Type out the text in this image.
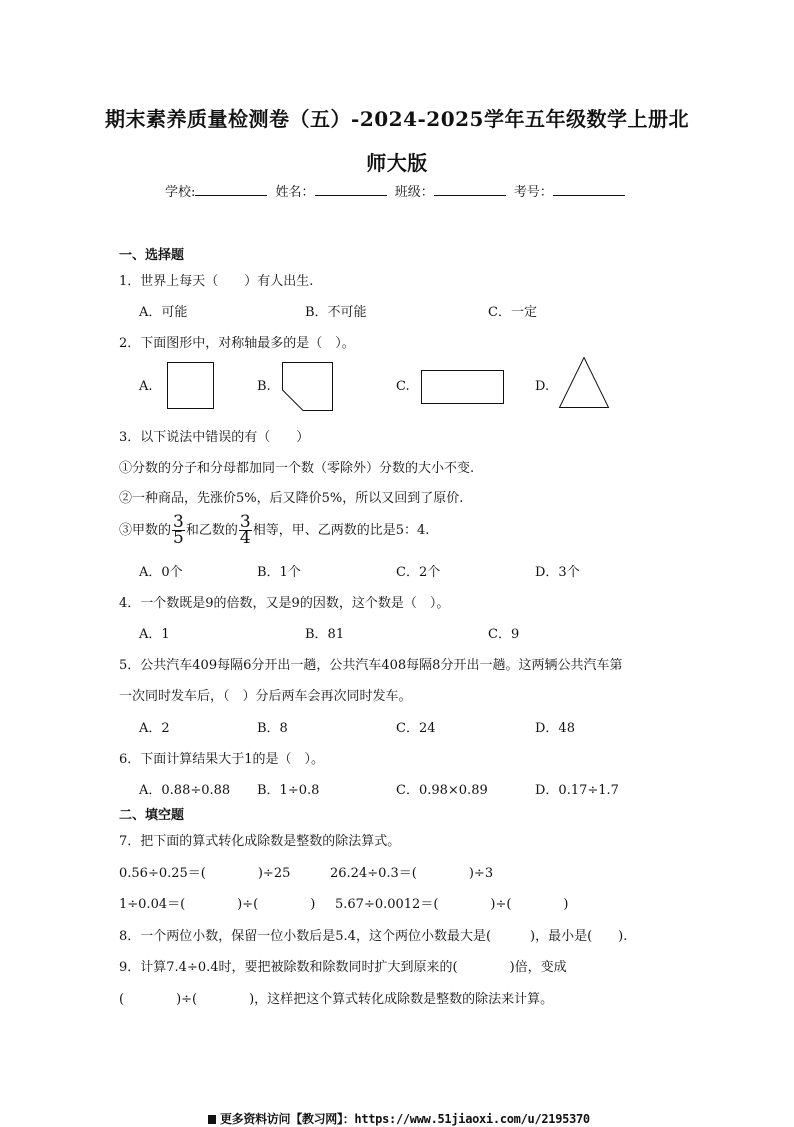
期末素养质量检测卷（五）-2024-2025学年五年级数学上册北
师大版
学校:	姓名：	班级：	考号：
一、选择题
1．世界上每天（　　）有人出生.
A．可能	B．不可能	C．一定
2．下面图形中，对称轴最多的是（　）。
A.	B.	C.	D.
3．以下说法中错误的有（　　）
①分数的分子和分母都加同一个数（零除外）分数的大小不变.
②一种商品，先涨价5%，后又降价5%，所以又回到了原价.
③甲数的 $\frac{3}{5}$ 和乙数的 $\frac{3}{4}$ 相等，甲、乙两数的比是5：4.
A．0个	B．1个	C．2个	D．3个
4．一个数既是9的倍数，又是9的因数，这个数是（　）。
A．1	B．81	C．9
5．公共汽车409每隔6分开出一趟，公共汽车408每隔8分开出一趟。这两辆公共汽车第
一次同时发车后，（　）分后两车会再次同时发车。
A．2	B．8	C．24	D．48
6．下面计算结果大于1的是（　）。
A．0.88÷0.88 B．1÷0.8	C．0.98×0.89	D．0.17÷1.7
二、填空题
7．把下面的算式转化成除数是整数的除法算式。
0.56÷0.25＝(　　　　)÷25	26.24÷0.3＝(　　　　)÷3
1÷0.04＝(　　　　)÷(　　　　) 5.67÷0.0012＝(　　　　)÷(　　　　)
8．一个两位小数，保留一位小数后是5.4，这个两位小数最大是(　　　)，最小是(　　).
9．计算7.4÷0.4时，要把被除数和除数同时扩大到原来的(　　　　)倍，变成
(　　　　)÷(　　　　)，这样把这个算式转化成除数是整数的除法来计算。
更多资料访问【教习网】：https://www.51jiaoxi.com/u/2195370
